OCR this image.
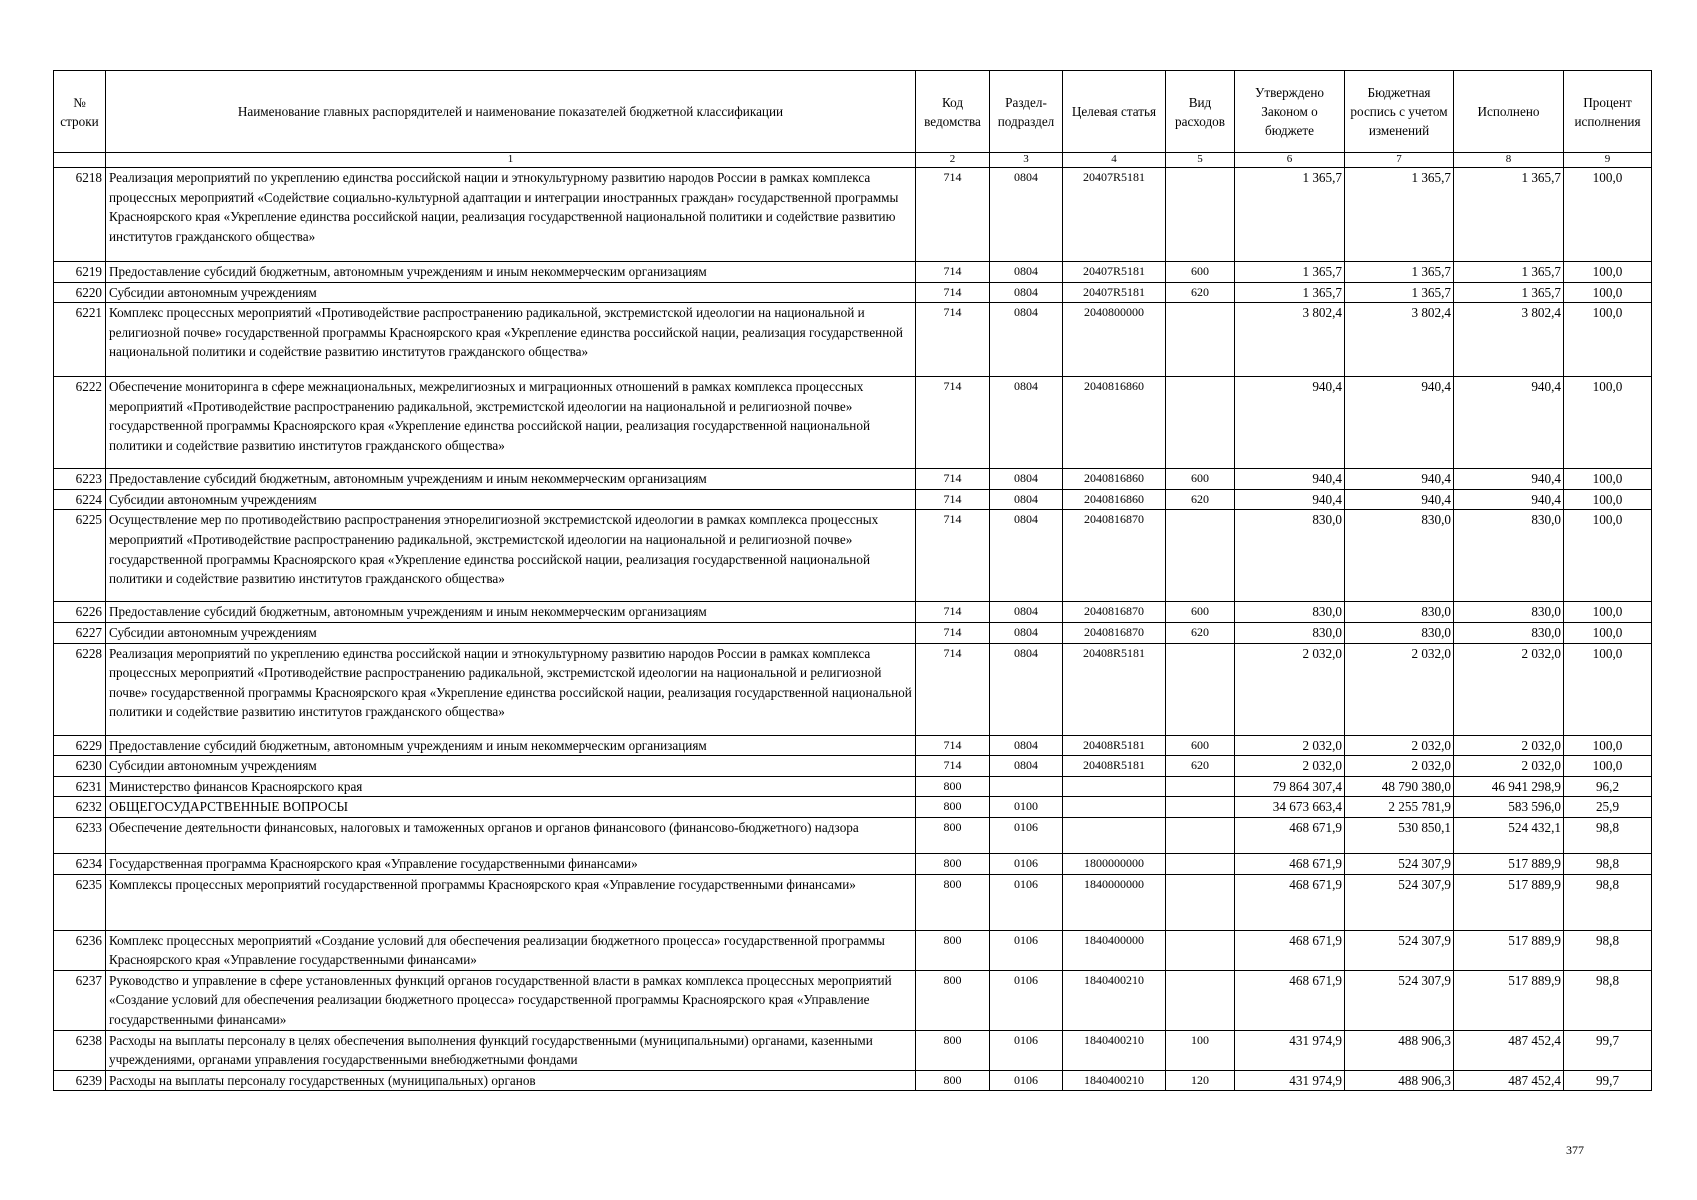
№ строки	Наименование главных распорядителей и наименование показателей бюджетной классификации	Код ведомства	Раздел-подраздел	Целевая статья	Вид расходов	Утверждено Законом о бюджете	Бюджетная роспись с учетом изменений	Исполнено	Процент исполнения
	1	2	3	4	5	6	7	8	9
6218	Реализация мероприятий по укреплению единства российской нации и этнокультурному развитию народов России в рамках комплекса процессных мероприятий «Содействие социально-культурной адаптации и интеграции иностранных граждан» государственной программы Красноярского края «Укрепление единства российской нации, реализация государственной национальной политики и содействие развитию институтов гражданского общества»	714	0804	20407R5181		1 365,7	1 365,7	1 365,7	100,0
6219	Предоставление субсидий бюджетным, автономным учреждениям и иным некоммерческим организациям	714	0804	20407R5181	600	1 365,7	1 365,7	1 365,7	100,0
6220	Субсидии автономным учреждениям	714	0804	20407R5181	620	1 365,7	1 365,7	1 365,7	100,0
6221	Комплекс процессных мероприятий «Противодействие распространению радикальной, экстремистской идеологии на национальной и религиозной почве» государственной программы Красноярского края «Укрепление единства российской нации, реализация государственной национальной политики и содействие развитию институтов гражданского общества»	714	0804	2040800000		3 802,4	3 802,4	3 802,4	100,0
6222	Обеспечение мониторинга в сфере межнациональных, межрелигиозных и миграционных отношений в рамках комплекса процессных мероприятий «Противодействие распространению радикальной, экстремистской идеологии на национальной и религиозной почве» государственной программы Красноярского края «Укрепление единства российской нации, реализация государственной национальной политики и содействие развитию институтов гражданского общества»	714	0804	2040816860		940,4	940,4	940,4	100,0
6223	Предоставление субсидий бюджетным, автономным учреждениям и иным некоммерческим организациям	714	0804	2040816860	600	940,4	940,4	940,4	100,0
6224	Субсидии автономным учреждениям	714	0804	2040816860	620	940,4	940,4	940,4	100,0
6225	Осуществление мер по противодействию распространения этнорелигиозной экстремистской идеологии в рамках комплекса процессных мероприятий «Противодействие распространению радикальной, экстремистской идеологии на национальной и религиозной почве» государственной программы Красноярского края «Укрепление единства российской нации, реализация государственной национальной политики и содействие развитию институтов гражданского общества»	714	0804	2040816870		830,0	830,0	830,0	100,0
6226	Предоставление субсидий бюджетным, автономным учреждениям и иным некоммерческим организациям	714	0804	2040816870	600	830,0	830,0	830,0	100,0
6227	Субсидии автономным учреждениям	714	0804	2040816870	620	830,0	830,0	830,0	100,0
6228	Реализация мероприятий по укреплению единства российской нации и этнокультурному развитию народов России в рамках комплекса процессных мероприятий «Противодействие распространению радикальной, экстремистской идеологии на национальной и религиозной почве» государственной программы Красноярского края «Укрепление единства российской нации, реализация государственной национальной политики и содействие развитию институтов гражданского общества»	714	0804	20408R5181		2 032,0	2 032,0	2 032,0	100,0
6229	Предоставление субсидий бюджетным, автономным учреждениям и иным некоммерческим организациям	714	0804	20408R5181	600	2 032,0	2 032,0	2 032,0	100,0
6230	Субсидии автономным учреждениям	714	0804	20408R5181	620	2 032,0	2 032,0	2 032,0	100,0
6231	Министерство финансов Красноярского края	800				79 864 307,4	48 790 380,0	46 941 298,9	96,2
6232	ОБЩЕГОСУДАРСТВЕННЫЕ ВОПРОСЫ	800	0100			34 673 663,4	2 255 781,9	583 596,0	25,9
6233	Обеспечение деятельности финансовых, налоговых и таможенных органов и органов финансового (финансово-бюджетного) надзора	800	0106			468 671,9	530 850,1	524 432,1	98,8
6234	Государственная программа Красноярского края «Управление государственными финансами»	800	0106	1800000000		468 671,9	524 307,9	517 889,9	98,8
6235	Комплексы процессных мероприятий государственной программы Красноярского края «Управление государственными финансами»	800	0106	1840000000		468 671,9	524 307,9	517 889,9	98,8
6236	Комплекс процессных мероприятий «Создание условий для обеспечения реализации бюджетного процесса» государственной программы Красноярского края «Управление государственными финансами»	800	0106	1840400000		468 671,9	524 307,9	517 889,9	98,8
6237	Руководство и управление в сфере установленных функций органов государственной власти в рамках комплекса процессных мероприятий «Создание условий для обеспечения реализации бюджетного процесса» государственной программы Красноярского края «Управление государственными финансами»	800	0106	1840400210		468 671,9	524 307,9	517 889,9	98,8
6238	Расходы на выплаты персоналу в целях обеспечения выполнения функций государственными (муниципальными) органами, казенными учреждениями, органами управления государственными внебюджетными фондами	800	0106	1840400210	100	431 974,9	488 906,3	487 452,4	99,7
6239	Расходы на выплаты персоналу государственных (муниципальных) органов	800	0106	1840400210	120	431 974,9	488 906,3	487 452,4	99,7
377
